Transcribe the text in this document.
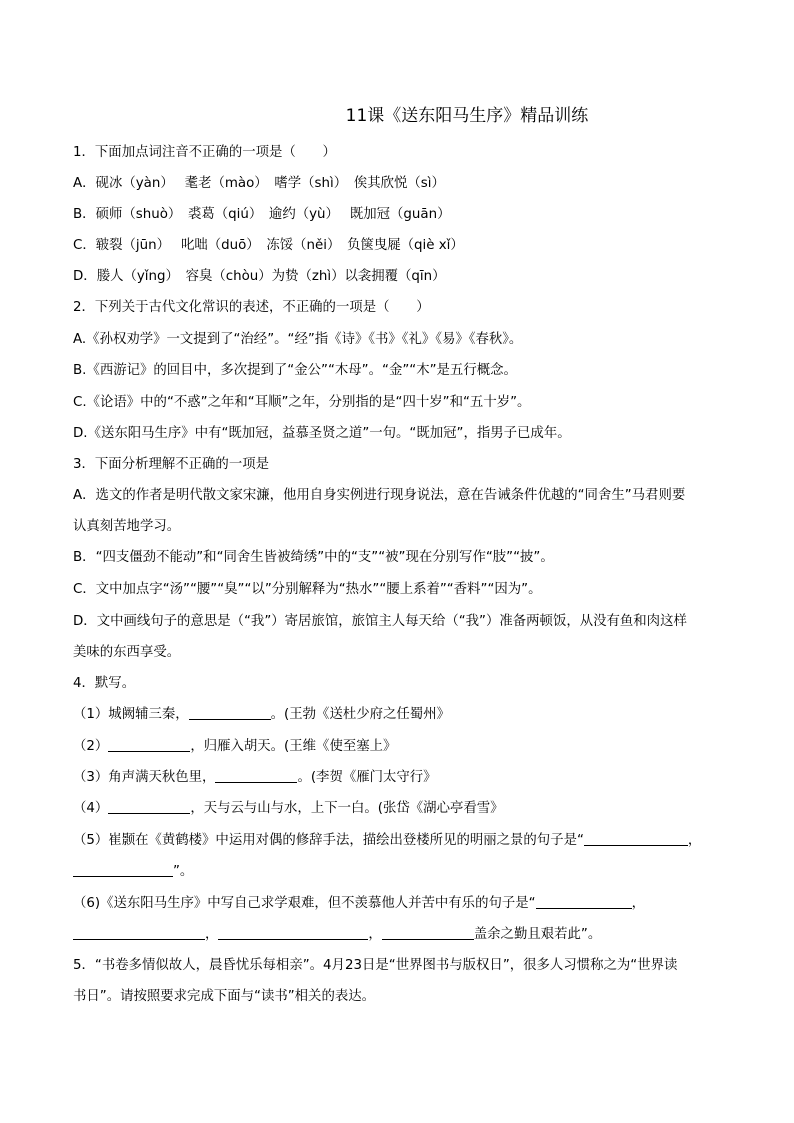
11课《送东阳马生序》精品训练
1．下面加点词注音不正确的一项是（　　）
A．砚冰（yàn）　 耄老（mào）　嗜学（shì）　俟其欣悦（sì）
B．硕师（shuò）　裘葛（qiú）　逾约（yù）　 既加冠（guān）
C．皲裂（jūn）　 叱咄（duō）　冻馁（něi）　负箧曳屣（qiè xǐ）
D．媵人（yǐng）　容臭（chòu）为贽（zhì）以衾拥覆（qīn）
2．下列关于古代文化常识的表述，不正确的一项是（　　）
A.《孙权劝学》一文提到了“治经”。“经”指《诗》《书》《礼》《易》《春秋》。
B.《西游记》的回目中，多次提到了“金公”“木母”。“金”“木”是五行概念。
C.《论语》中的“不惑”之年和“耳顺”之年，分别指的是“四十岁”和“五十岁”。
D.《送东阳马生序》中有“既加冠，益慕圣贤之道”一句。“既加冠”，指男子已成年。
3．下面分析理解不正确的一项是
A．选文的作者是明代散文家宋濂，他用自身实例进行现身说法，意在告诫条件优越的“同舍生”马君则要
认真刻苦地学习。
B．“四支僵劲不能动”和“同舍生皆被绮绣”中的“支”“被”现在分别写作“肢”“披”。
C．文中加点字“汤”“腰”“臭”“以”分别解释为“热水”“腰上系着”“香料”“因为”。
D．文中画线句子的意思是（“我”）寄居旅馆，旅馆主人每天给（“我”）准备两顿饭，从没有鱼和肉这样
美味的东西享受。
4．默写。
（1）城阙辅三秦，	。(王勃《送杜少府之任蜀州》
（2）	，归雁入胡天。(王维《使至塞上》
（3）角声满天秋色里，	。(李贺《雁门太守行》
（4）	，天与云与山与水，上下一白。(张岱《湖心亭看雪》
（5）崔颢在《黄鹤楼》中运用对偶的修辞手法，描绘出登楼所见的明丽之景的句子是“	，
”。
（6)《送东阳马生序》中写自己求学艰难，但不羡慕他人并苦中有乐的句子是“	，
，	，	盖余之勤且艰若此”。
5．“书卷多情似故人，晨昏忧乐每相亲”。4月23日是“世界图书与版权日”，很多人习惯称之为“世界读
书日”。请按照要求完成下面与“读书”相关的表达。
